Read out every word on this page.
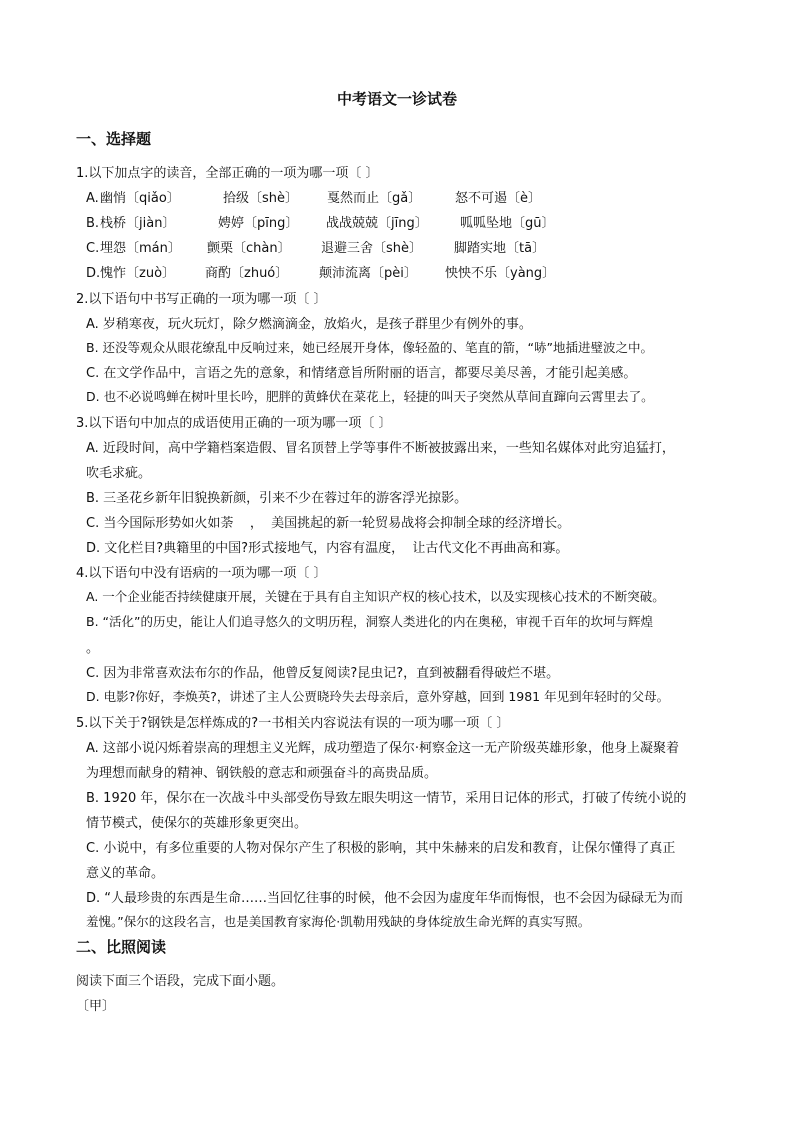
中考语文一诊试卷
一、选择题
1.以下加点字的读音，全部正确的一项为哪一项〔 〕
A.幽悄〔qiǎo〕	拾级〔shè〕 戛然而止〔gǎ〕	怒不可遏〔è〕
B.栈桥〔jiàn〕	娉婷〔pīng〕 战战兢兢〔jīng〕 呱呱坠地〔gū〕
C.埋怨〔mán〕 颤栗〔chàn〕 退避三舍〔shè〕 脚踏实地〔tā〕
D.愧怍〔zuò〕 商酌〔zhuó〕 颠沛流离〔pèi〕 怏怏不乐〔yàng〕
2.以下语句中书写正确的一项为哪一项〔 〕
A. 岁稍寒夜，玩火玩灯，除夕燃滴滴金，放焰火，是孩子群里少有例外的事。
B. 还没等观众从眼花缭乱中反响过来，她已经展开身体，像轻盈的、笔直的箭，“哧”地插进璧波之中。
C. 在文学作品中，言语之先的意象，和情绪意旨所附丽的语言，都要尽美尽善，才能引起美感。
D. 也不必说鸣蝉在树叶里长吟，肥胖的黄蜂伏在菜花上，轻捷的叫天子突然从草间直蹿向云霄里去了。
3.以下语句中加点的成语使用正确的一项为哪一项〔 〕
A. 近段时间，高中学籍档案造假、冒名顶替上学等事件不断被披露出来，一些知名媒体对此穷追猛打，
吹毛求疵。
B. 三圣花乡新年旧貌换新颜，引来不少在蓉过年的游客浮光掠影。
C. 当今国际形势如火如荼    ，  美国挑起的新一轮贸易战将会抑制全球的经济增长。
D. 文化栏目?典籍里的中国?形式接地气，内容有温度，  让古代文化不再曲高和寡。
4.以下语句中没有语病的一项为哪一项〔 〕
A. 一个企业能否持续健康开展，关键在于具有自主知识产权的核心技术，以及实现核心技术的不断突破。
B. “活化”的历史，能让人们追寻悠久的文明历程，洞察人类进化的内在奥秘，审视千百年的坎坷与辉煌
。
C. 因为非常喜欢法布尔的作品，他曾反复阅读?昆虫记?，直到被翻看得破烂不堪。
D. 电影?你好，李焕英?，讲述了主人公贾晓玲失去母亲后，意外穿越，回到 1981 年见到年轻时的父母。
5.以下关于?钢铁是怎样炼成的?一书相关内容说法有误的一项为哪一项〔 〕
A. 这部小说闪烁着崇高的理想主义光辉，成功塑造了保尔·柯察金这一无产阶级英雄形象，他身上凝聚着
为理想而献身的精神、钢铁般的意志和顽强奋斗的高贵品质。
B. 1920 年，保尔在一次战斗中头部受伤导致左眼失明这一情节，采用日记体的形式，打破了传统小说的
情节模式，使保尔的英雄形象更突出。
C. 小说中，有多位重要的人物对保尔产生了积极的影响，其中朱赫来的启发和教育，让保尔懂得了真正
意义的革命。
D. “人最珍贵的东西是生命……当回忆往事的时候，他不会因为虚度年华而悔恨，也不会因为碌碌无为而
羞愧。”保尔的这段名言，也是美国教育家海伦·凯勒用残缺的身体绽放生命光辉的真实写照。
二、比照阅读
阅读下面三个语段，完成下面小题。
〔甲〕
